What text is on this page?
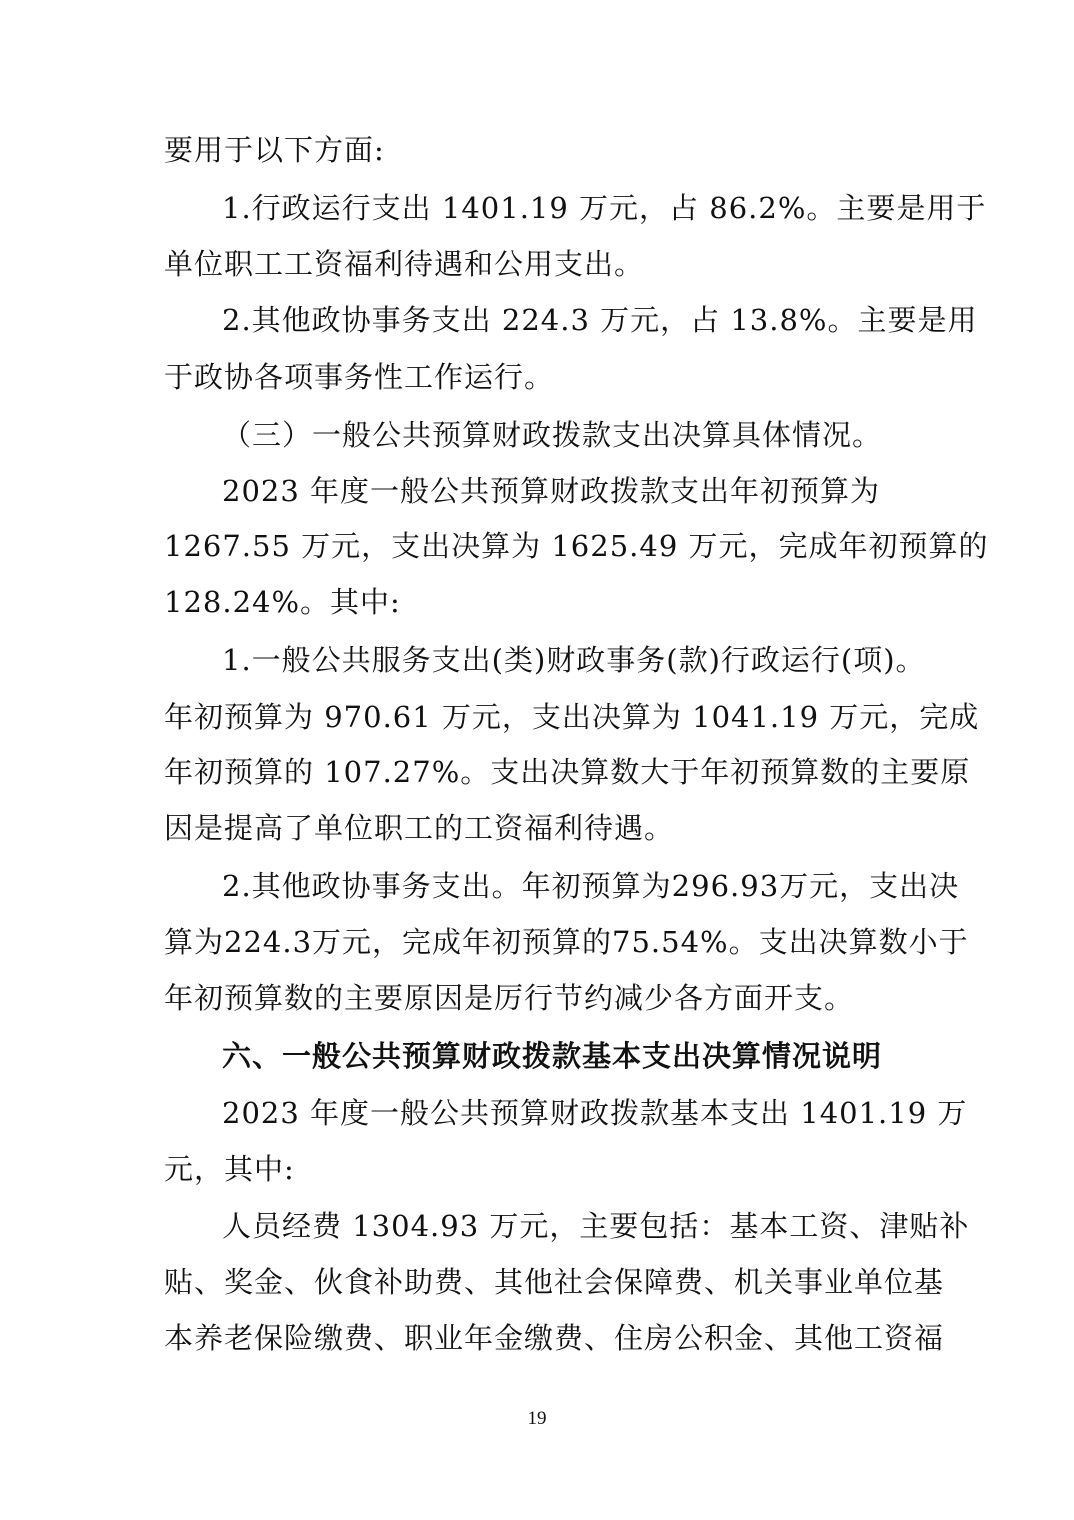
要用于以下方面:
1.行政运行支出 1401.19 万元，占 86.2%。主要是用于
单位职工工资福利待遇和公用支出。
2.其他政协事务支出 224.3 万元，占 13.8%。主要是用
于政协各项事务性工作运行。
（三）一般公共预算财政拨款支出决算具体情况。
2023 年度一般公共预算财政拨款支出年初预算为
1267.55 万元，支出决算为 1625.49 万元，完成年初预算的
128.24%。其中:
1.一般公共服务支出(类)财政事务(款)行政运行(项)。
年初预算为 970.61 万元，支出决算为 1041.19 万元，完成
年初预算的 107.27%。支出决算数大于年初预算数的主要原
因是提高了单位职工的工资福利待遇。
2.其他政协事务支出。年初预算为296.93万元，支出决
算为224.3万元，完成年初预算的75.54%。支出决算数小于
年初预算数的主要原因是厉行节约减少各方面开支。
六、一般公共预算财政拨款基本支出决算情况说明
2023 年度一般公共预算财政拨款基本支出 1401.19 万
元，其中:
人员经费 1304.93 万元，主要包括：基本工资、津贴补
贴、奖金、伙食补助费、其他社会保障费、机关事业单位基
本养老保险缴费、职业年金缴费、住房公积金、其他工资福
19
